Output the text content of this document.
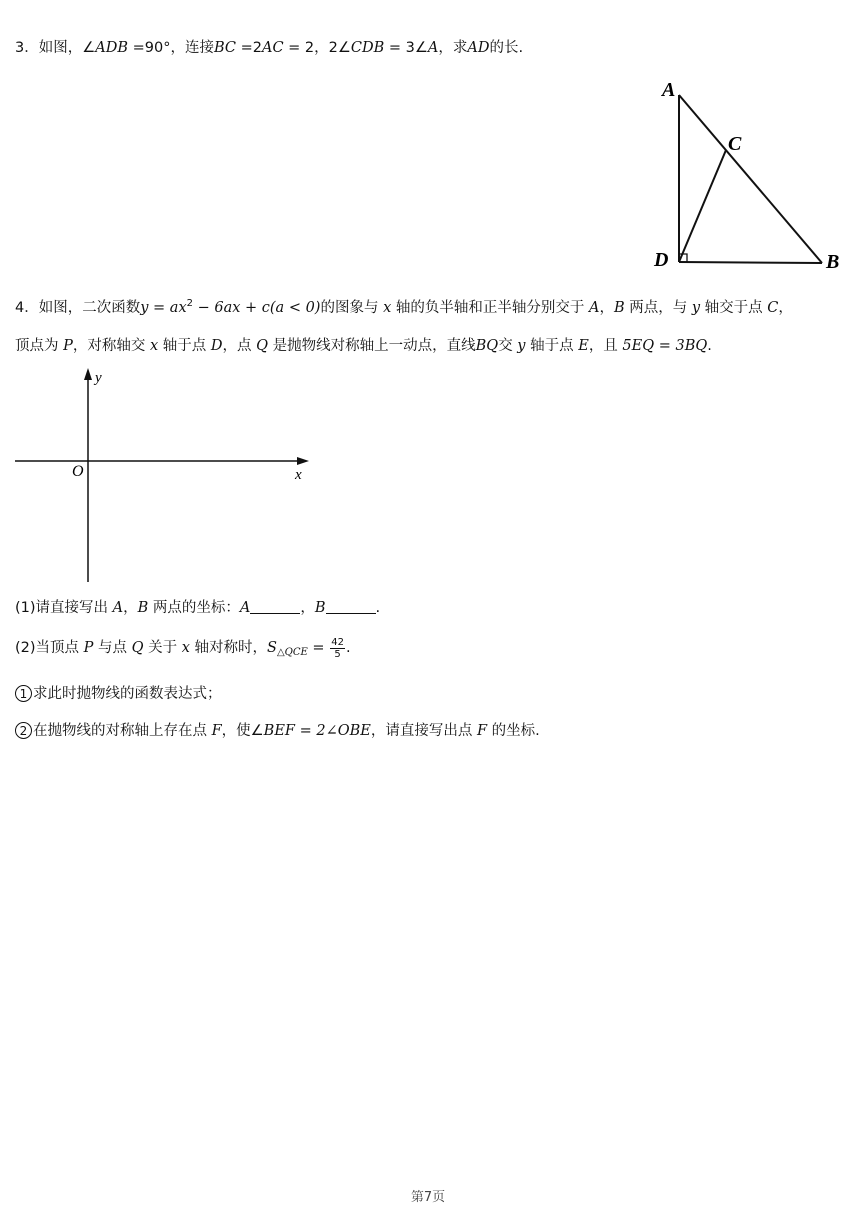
3．如图，∠ADB =90°，连接BC =2AC = 2，2∠CDB = 3∠A，求AD的长.
A
C
D	B
4．如图，二次函数$y = ax^2 - 6ax + c(a < 0)$的图象与 x 轴的负半轴和正半轴分别交于 A，B 两点，与 y 轴交于点 C，
顶点为 P，对称轴交 x 轴于点 D，点 Q 是抛物线对称轴上一动点，直线BQ交 y 轴于点 E，且 5EQ = 3BQ.
y
x
O
(1)请直接写出 A，B 两点的坐标：A	，B	.
(2)当顶点 P 与点 Q 关于 x 轴对称时，$S_{\triangle QCE} = \frac{42}{5}$ .
1 求此时抛物线的函数表达式；
2 在抛物线的对称轴上存在点 F，使∠BEF = 2∠OBE，请直接写出点 F 的坐标.
第7页
